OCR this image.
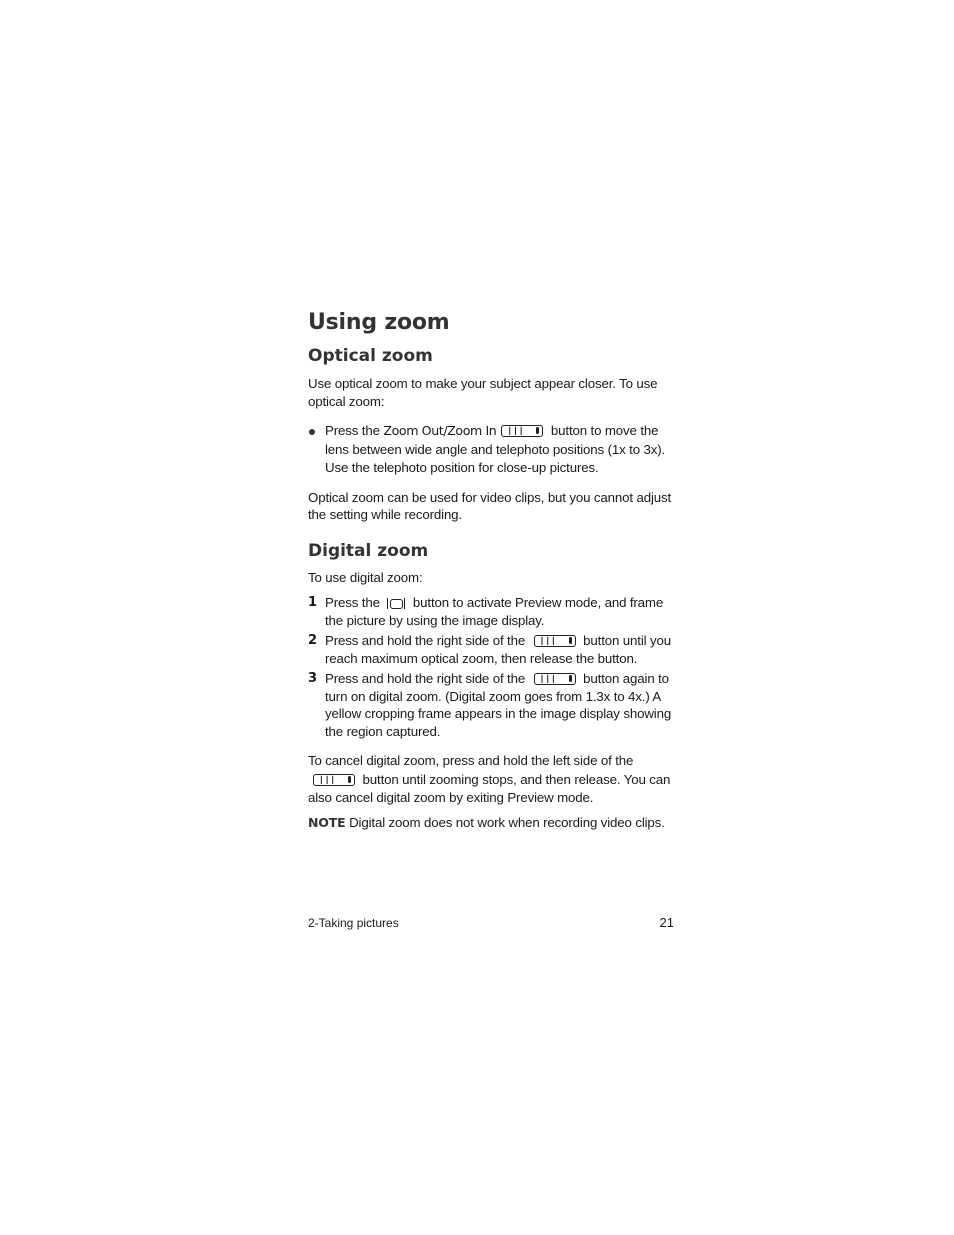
Using zoom
Optical zoom

Use optical zoom to make your subject appear closer. To use optical zoom:

Press the Zoom Out/Zoom In ❘❘❘ button to move the lens between wide angle and telephoto positions (1x to 3x). Use the telephoto position for close-up pictures.

Optical zoom can be used for video clips, but you cannot adjust the setting while recording.

Digital zoom

To use digital zoom:

1 Press the
button to activate Preview mode, and frame the picture by using the image display.
2 Press and hold the right side of the ❘❘❘ button until you reach maximum optical zoom, then release the button.
3 Press and hold the right side of the ❘❘❘ button again to turn on digital zoom. (Digital zoom goes from 1.3x to 4x.) A yellow cropping frame appears in the image display showing the region captured.

To cancel digital zoom, press and hold the left side of the
❘❘❘ button until zooming stops, and then release. You can also cancel digital zoom by exiting Preview mode.

NOTE Digital zoom does not work when recording video clips.
2-Taking pictures	21
